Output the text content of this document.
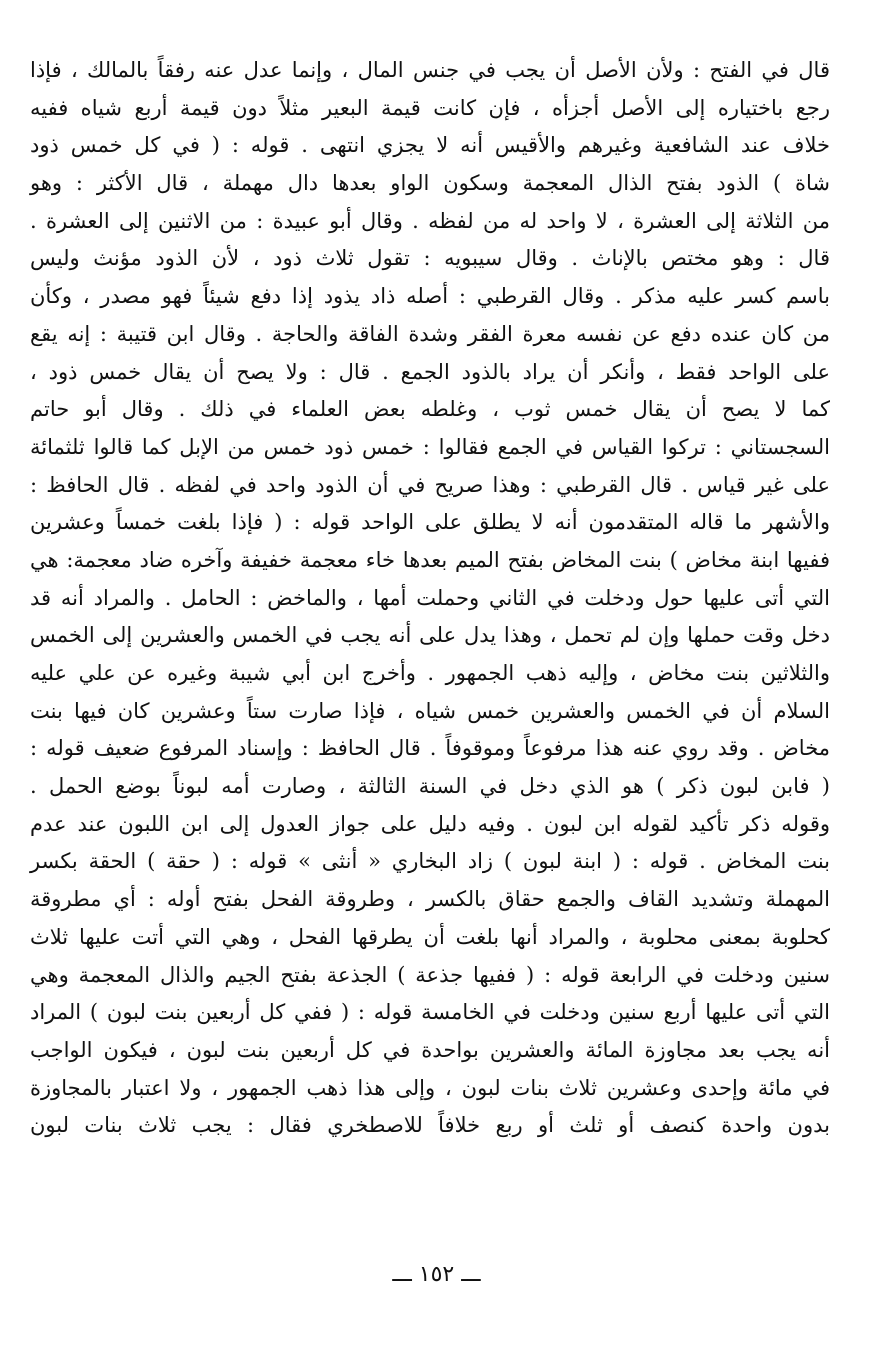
قال في الفتح : ولأن الأصل أن يجب في جنس المال ، وإنما عدل عنه رفقاً بالمالك ، فإذا
رجع باختياره إلى الأصل أجزأه ، فإن كانت قيمة البعير مثلاً دون قيمة أربع شياه ففيه
خلاف عند الشافعية وغيرهم والأقيس أنه لا يجزي انتهى . قوله : ( في كل خمس ذود
شاة ) الذود بفتح الذال المعجمة وسكون الواو بعدها دال مهملة ، قال الأكثر : وهو
من الثلاثة إلى العشرة ، لا واحد له من لفظه . وقال أبو عبيدة : من الاثنين إلى العشرة .
قال : وهو مختص بالإناث . وقال سيبويه : تقول ثلاث ذود ، لأن الذود مؤنث وليس
باسم كسر عليه مذكر . وقال القرطبي : أصله ذاد يذود إذا دفع شيئاً فهو مصدر ، وكأن
من كان عنده دفع عن نفسه معرة الفقر وشدة الفاقة والحاجة . وقال ابن قتيبة : إنه يقع
على الواحد فقط ، وأنكر أن يراد بالذود الجمع . قال : ولا يصح أن يقال خمس ذود ،
كما لا يصح أن يقال خمس ثوب ، وغلطه بعض العلماء في ذلك . وقال أبو حاتم
السجستاني : تركوا القياس في الجمع فقالوا : خمس ذود خمس من الإبل كما قالوا ثلثمائة
على غير قياس . قال القرطبي : وهذا صريح في أن الذود واحد في لفظه . قال الحافظ :
والأشهر ما قاله المتقدمون أنه لا يطلق على الواحد قوله : ( فإذا بلغت خمساً وعشرين
ففيها ابنة مخاض ) بنت المخاض بفتح الميم بعدها خاء معجمة خفيفة وآخره ضاد معجمة: هي
التي أتى عليها حول ودخلت في الثاني وحملت أمها ، والماخض : الحامل . والمراد أنه قد
دخل وقت حملها وإن لم تحمل ، وهذا يدل على أنه يجب في الخمس والعشرين إلى الخمس
والثلاثين بنت مخاض ، وإليه ذهب الجمهور . وأخرج ابن أبي شيبة وغيره عن علي عليه
السلام أن في الخمس والعشرين خمس شياه ، فإذا صارت ستاً وعشرين كان فيها بنت
مخاض . وقد روي عنه هذا مرفوعاً وموقوفاً . قال الحافظ : وإسناد المرفوع ضعيف قوله :
( فابن لبون ذكر ) هو الذي دخل في السنة الثالثة ، وصارت أمه لبوناً بوضع الحمل .
وقوله ذكر تأكيد لقوله ابن لبون . وفيه دليل على جواز العدول إلى ابن اللبون عند عدم
بنت المخاض . قوله : ( ابنة لبون ) زاد البخاري « أنثى » قوله : ( حقة ) الحقة بكسر
المهملة وتشديد القاف والجمع حقاق بالكسر ، وطروقة الفحل بفتح أوله : أي مطروقة
كحلوبة بمعنى محلوبة ، والمراد أنها بلغت أن يطرقها الفحل ، وهي التي أتت عليها ثلاث
سنين ودخلت في الرابعة قوله : ( ففيها جذعة ) الجذعة بفتح الجيم والذال المعجمة وهي
التي أتى عليها أربع سنين ودخلت في الخامسة قوله : ( ففي كل أربعين بنت لبون ) المراد
أنه يجب بعد مجاوزة المائة والعشرين بواحدة في كل أربعين بنت لبون ، فيكون الواجب
في مائة وإحدى وعشرين ثلاث بنات لبون ، وإلى هذا ذهب الجمهور ، ولا اعتبار بالمجاوزة
بدون واحدة كنصف أو ثلث أو ربع خلافاً للاصطخري فقال : يجب ثلاث بنات لبون
ـــ ١٥٢ ـــ
